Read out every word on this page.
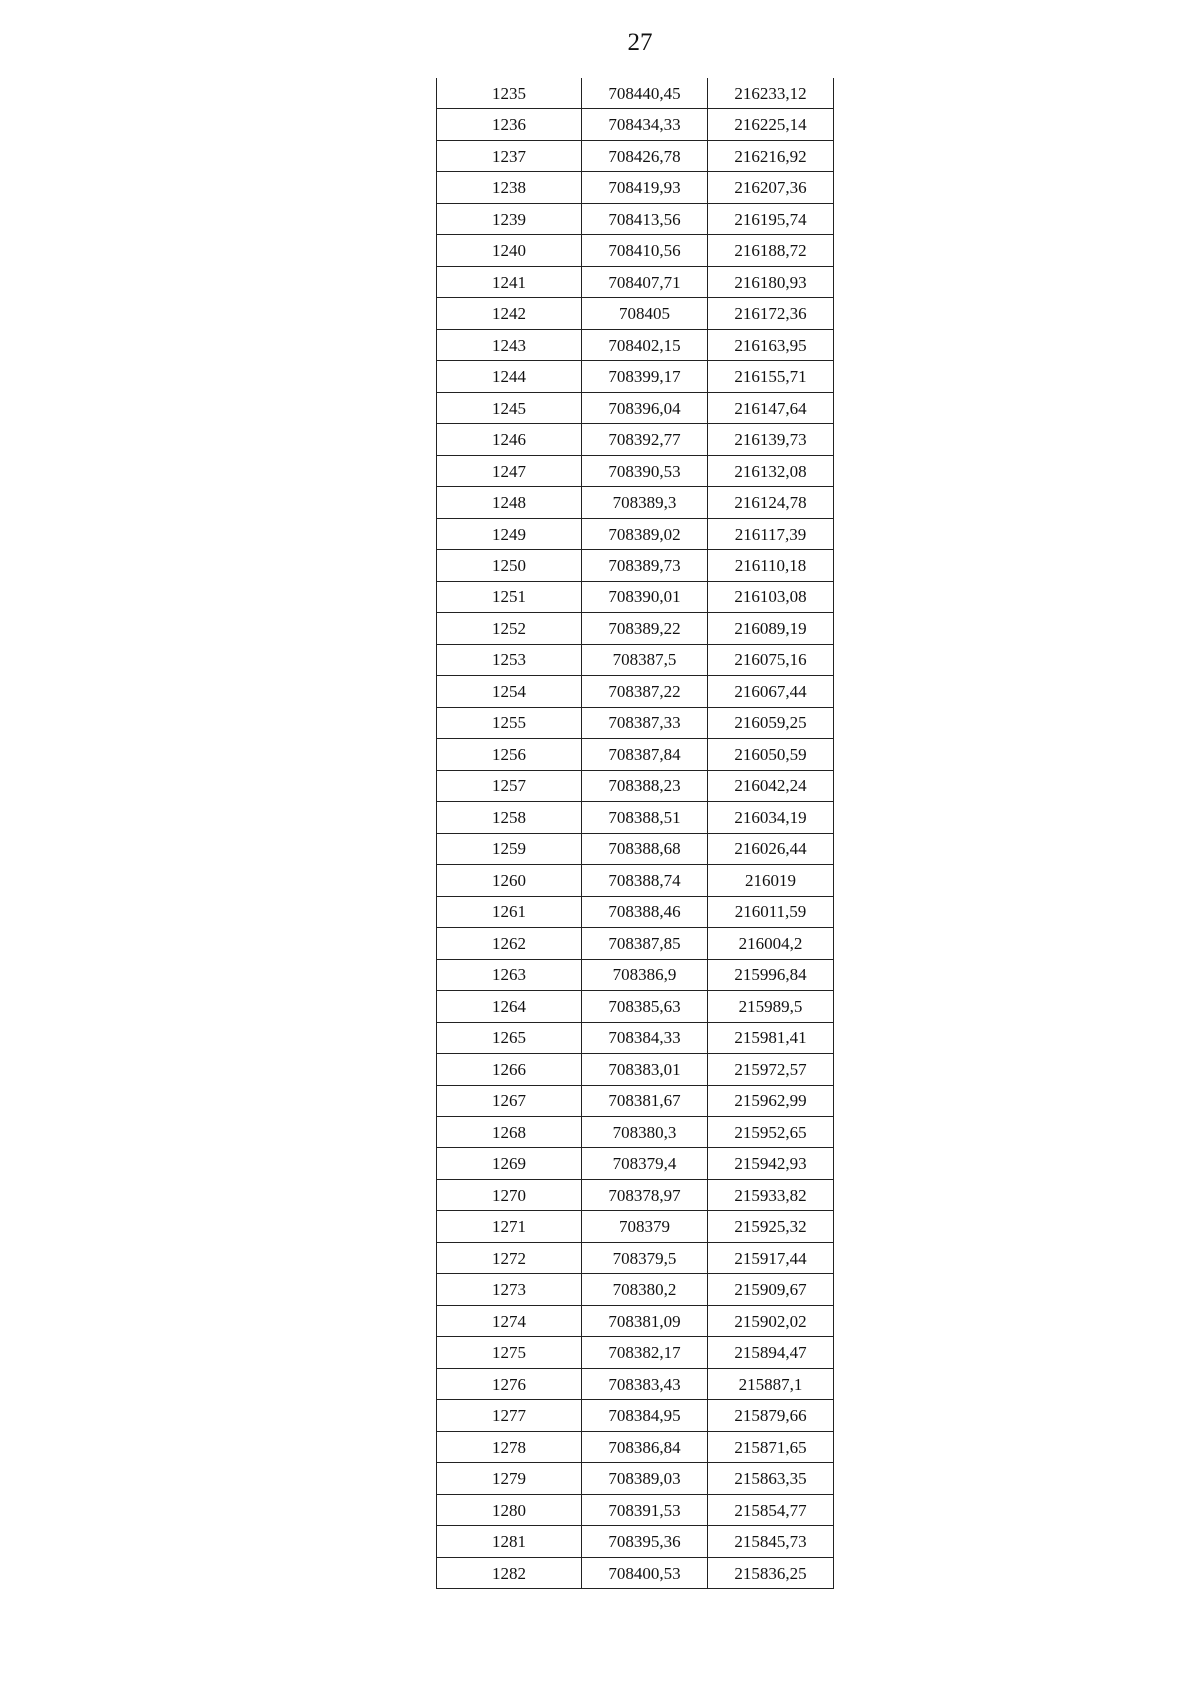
27
1235	708440,45	216233,12
1236	708434,33	216225,14
1237	708426,78	216216,92
1238	708419,93	216207,36
1239	708413,56	216195,74
1240	708410,56	216188,72
1241	708407,71	216180,93
1242	708405	216172,36
1243	708402,15	216163,95
1244	708399,17	216155,71
1245	708396,04	216147,64
1246	708392,77	216139,73
1247	708390,53	216132,08
1248	708389,3	216124,78
1249	708389,02	216117,39
1250	708389,73	216110,18
1251	708390,01	216103,08
1252	708389,22	216089,19
1253	708387,5	216075,16
1254	708387,22	216067,44
1255	708387,33	216059,25
1256	708387,84	216050,59
1257	708388,23	216042,24
1258	708388,51	216034,19
1259	708388,68	216026,44
1260	708388,74	216019
1261	708388,46	216011,59
1262	708387,85	216004,2
1263	708386,9	215996,84
1264	708385,63	215989,5
1265	708384,33	215981,41
1266	708383,01	215972,57
1267	708381,67	215962,99
1268	708380,3	215952,65
1269	708379,4	215942,93
1270	708378,97	215933,82
1271	708379	215925,32
1272	708379,5	215917,44
1273	708380,2	215909,67
1274	708381,09	215902,02
1275	708382,17	215894,47
1276	708383,43	215887,1
1277	708384,95	215879,66
1278	708386,84	215871,65
1279	708389,03	215863,35
1280	708391,53	215854,77
1281	708395,36	215845,73
1282	708400,53	215836,25
